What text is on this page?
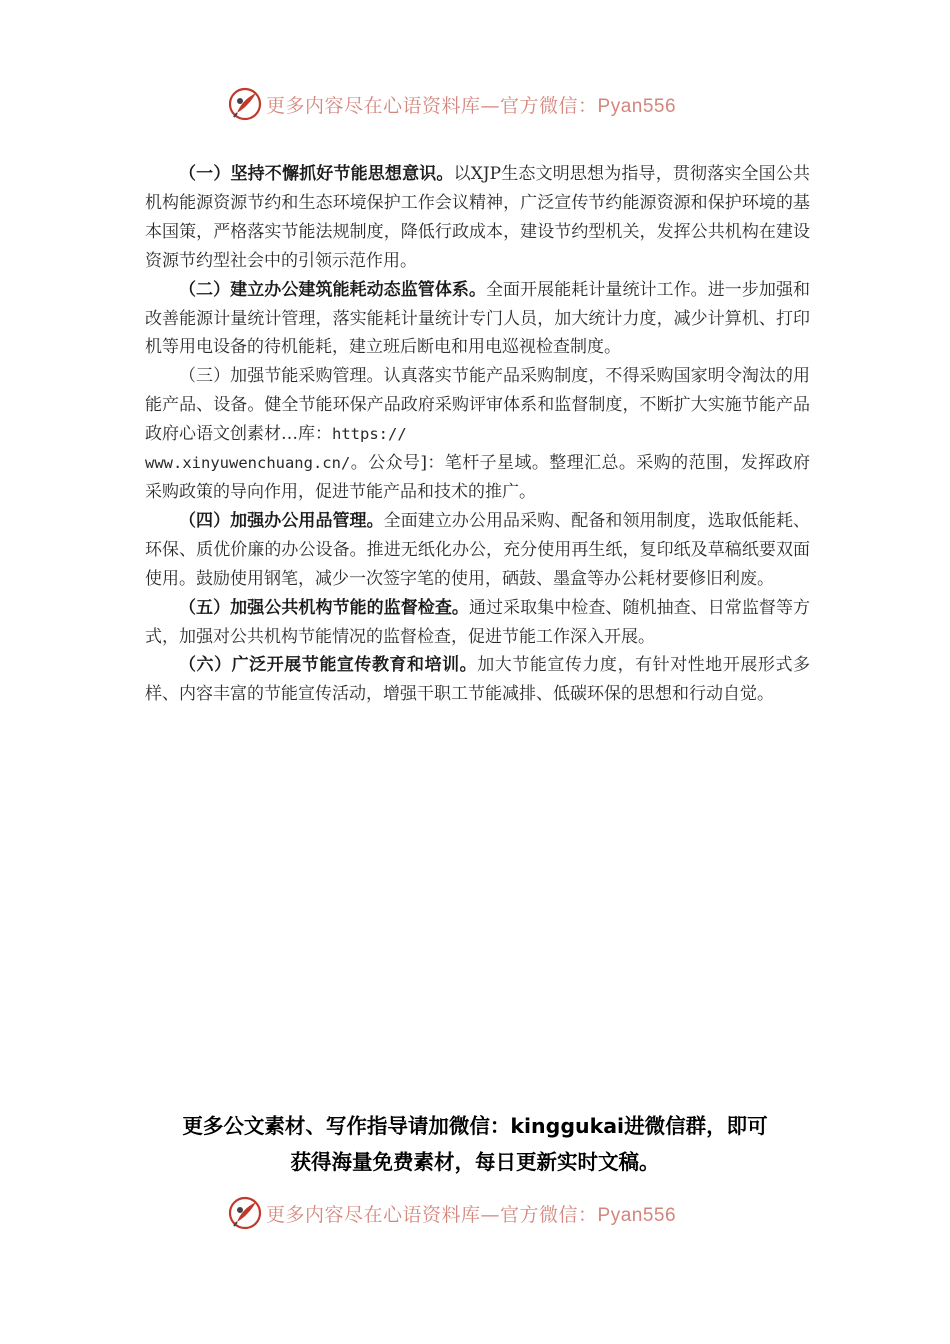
更多内容尽在心语资料库—官方微信：Pyan556

（一）坚持不懈抓好节能思想意识。以XJP生态文明思想为指导，贯彻落实全国公共机构能源资源节约和生态环境保护工作会议精神，广泛宣传节约能源资源和保护环境的基本国策，严格落实节能法规制度，降低行政成本，建设节约型机关，发挥公共机构在建设资源节约型社会中的引领示范作用。

（二）建立办公建筑能耗动态监管体系。全面开展能耗计量统计工作。进一步加强和改善能源计量统计管理，落实能耗计量统计专门人员，加大统计力度，减少计算机、打印机等用电设备的待机能耗，建立班后断电和用电巡视检查制度。

（三）加强节能采购管理。认真落实节能产品采购制度，不得采购国家明令淘汰的用能产品、设备。健全节能环保产品政府采购评审体系和监督制度，不断扩大实施节能产品政府心语文创素材…库：https://
www.xinyuwenchuang.cn/。公众号]：笔杆子星域。整理汇总。采购的范围，发挥政府采购政策的导向作用，促进节能产品和技术的推广。

（四）加强办公用品管理。全面建立办公用品采购、配备和领用制度，选取低能耗、环保、质优价廉的办公设备。推进无纸化办公，充分使用再生纸，复印纸及草稿纸要双面使用。鼓励使用钢笔，减少一次签字笔的使用，硒鼓、墨盒等办公耗材要修旧利废。

（五）加强公共机构节能的监督检查。通过采取集中检查、随机抽查、日常监督等方式，加强对公共机构节能情况的监督检查，促进节能工作深入开展。

（六）广泛开展节能宣传教育和培训。加大节能宣传力度，有针对性地开展形式多样、内容丰富的节能宣传活动，增强干职工节能减排、低碳环保的思想和行动自觉。

更多公文素材、写作指导请加微信：kinggukai进微信群，即可
获得海量免费素材，每日更新实时文稿。
更多内容尽在心语资料库—官方微信：Pyan556
